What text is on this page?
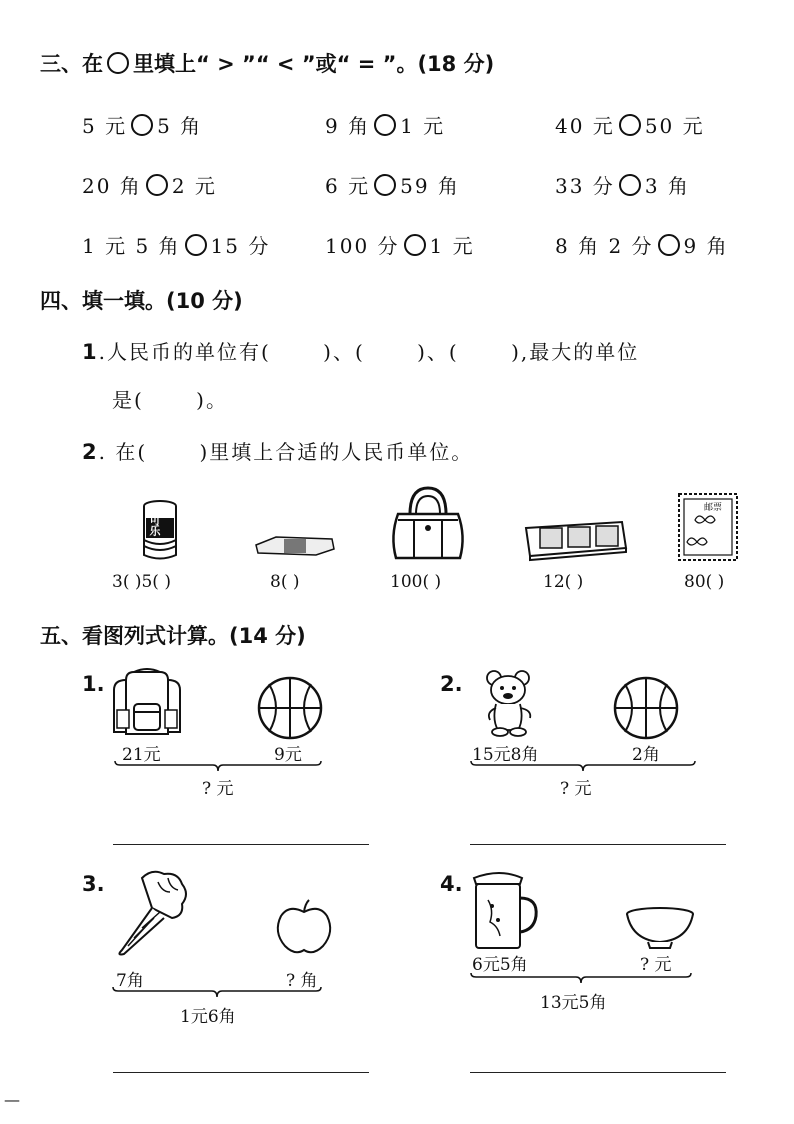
三、在 里填上“ > ”“ < ”或“ = ”。(18 分)
5 元 5 角	9 角 1 元	40 元 50 元
20 角 2 元	6 元 59 角	33 分 3 角
1 元 5 角 15 分	100 分 1 元	8 角 2 分 9 角
四、填一填。(10 分)
1.人民币的单位有(　　 )、(　　 )、(　　 ),最大的单位
是(　　 )。
2. 在(　　 )里填上合适的人民币单位。
可乐
邮票
3( )5( )	8( )	100( )	12( )	80( )
五、看图列式计算。(14 分)
1.
21元	9元
? 元
2.
15元8角	2角
? 元
3.
7角	? 角
1元6角
4.
6元5角	? 元
13元5角
—
